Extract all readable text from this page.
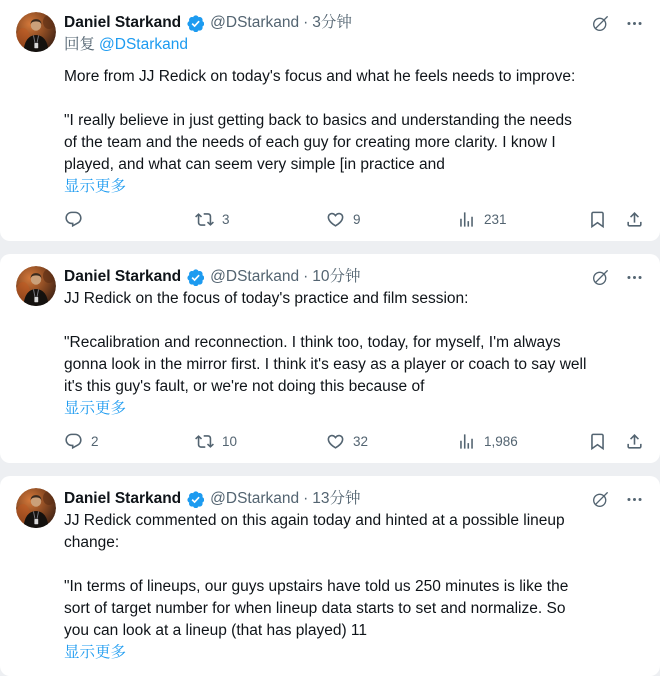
Daniel Starkand @DStarkand · 3分钟
回复 @DStarkand
More from JJ Redick on today's focus and what he feels needs to improve:
"I really believe in just getting back to basics and understanding the needs
of the team and the needs of each guy for creating more clarity. I know I
played, and what can seem very simple [in practice and
显示更多
3	9	231
Daniel Starkand @DStarkand · 10分钟
JJ Redick on the focus of today's practice and film session:
"Recalibration and reconnection. I think too, today, for myself, I'm always
gonna look in the mirror first. I think it's easy as a player or coach to say well
it's this guy's fault, or we're not doing this because of
显示更多
2	10	32	1,986
Daniel Starkand @DStarkand · 13分钟
JJ Redick commented on this again today and hinted at a possible lineup
change:
"In terms of lineups, our guys upstairs have told us 250 minutes is like the
sort of target number for when lineup data starts to set and normalize. So
you can look at a lineup (that has played) 11
显示更多
